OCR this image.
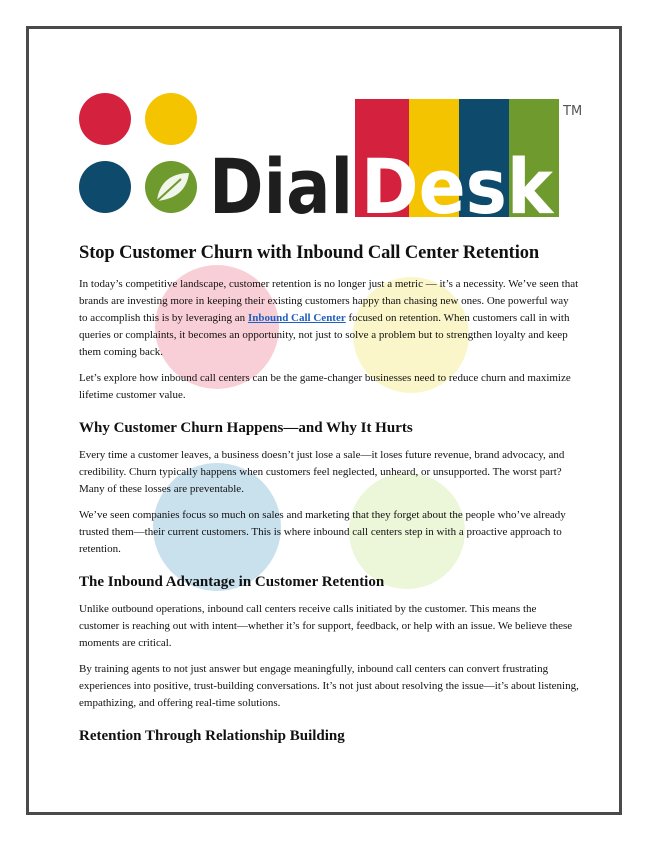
Dial Desk
TM
Stop Customer Churn with Inbound Call Center Retention

In today’s competitive landscape, customer retention is no longer just a metric — it’s a necessity. We’ve seen that brands are investing more in keeping their existing customers happy than chasing new ones. One powerful way to accomplish this is by leveraging an Inbound Call Center focused on retention. When customers call in with queries or complaints, it becomes an opportunity, not just to solve a problem but to strengthen loyalty and keep them coming back.

Let’s explore how inbound call centers can be the game-changer businesses need to reduce churn and maximize lifetime customer value.

Why Customer Churn Happens—and Why It Hurts

Every time a customer leaves, a business doesn’t just lose a sale—it loses future revenue, brand advocacy, and credibility. Churn typically happens when customers feel neglected, unheard, or unsupported. The worst part? Many of these losses are preventable.

We’ve seen companies focus so much on sales and marketing that they forget about the people who’ve already trusted them—their current customers. This is where inbound call centers step in with a proactive approach to retention.

The Inbound Advantage in Customer Retention

Unlike outbound operations, inbound call centers receive calls initiated by the customer. This means the customer is reaching out with intent—whether it’s for support, feedback, or help with an issue. We believe these moments are critical.

By training agents to not just answer but engage meaningfully, inbound call centers can convert frustrating experiences into positive, trust-building conversations. It’s not just about resolving the issue—it’s about listening, empathizing, and offering real-time solutions.

Retention Through Relationship Building
